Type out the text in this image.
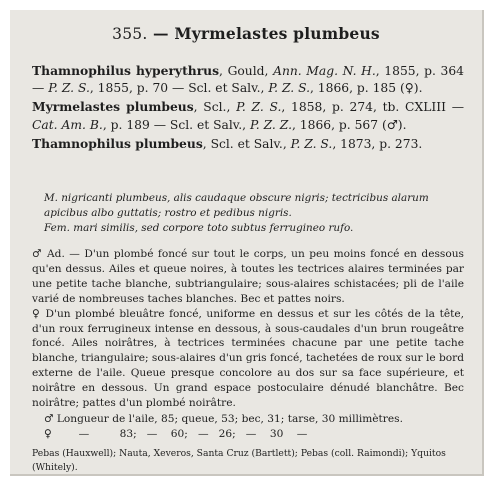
355. — Myrmelastes plumbeus

Thamnophilus hyperythrus, Gould, Ann. Mag. N. H., 1855, p. 364 — P. Z. S., 1855, p. 70 — Scl. et Salv., P. Z. S., 1866, p. 185 (♀).

Myrmelastes plumbeus, Scl., P. Z. S., 1858, p. 274, tb. CXLIII — Cat. Am. B., p. 189 — Scl. et Salv., P. Z. Z., 1866, p. 567 (♂).

Thamnophilus plumbeus, Scl. et Salv., P. Z. S., 1873, p. 273.

M. nigricanti plumbeus, alis caudaque obscure nigris; tectricibus alarum apicibus albo guttatis; rostro et pedibus nigris.

Fem. mari similis, sed corpore toto subtus ferrugineo rufo.

♂ Ad. — D'un plombé foncé sur tout le corps, un peu moins foncé en dessous qu'en dessus. Ailes et queue noires, à toutes les tectrices alaires terminées par une petite tache blanche, subtriangulaire; sous-alaires schistacées; pli de l'aile varié de nombreuses taches blanches. Bec et pattes noirs.

♀ D'un plombé bleuâtre foncé, uniforme en dessus et sur les côtés de la tête, d'un roux ferrugineux intense en dessous, à sous-caudales d'un brun rougeâtre foncé. Ailes noirâtres, à tectrices terminées chacune par une petite tache blanche, triangulaire; sous-alaires d'un gris foncé, tachetées de roux sur le bord externe de l'aile. Queue presque concolore au dos sur sa face supérieure, et noirâtre en dessous. Un grand espace postoculaire dénudé blanchâtre. Bec noirâtre; pattes d'un plombé noirâtre.

♂ Longueur de l'aile, 85; queue, 53; bec, 31; tarse, 30 millimètres.
♀        —         83;   —    60;   —   26;   —    30    —

Pebas (Hauxwell); Nauta, Xeveros, Santa Cruz (Bartlett); Pebas (coll. Raimondi); Yquitos (Whitely).
